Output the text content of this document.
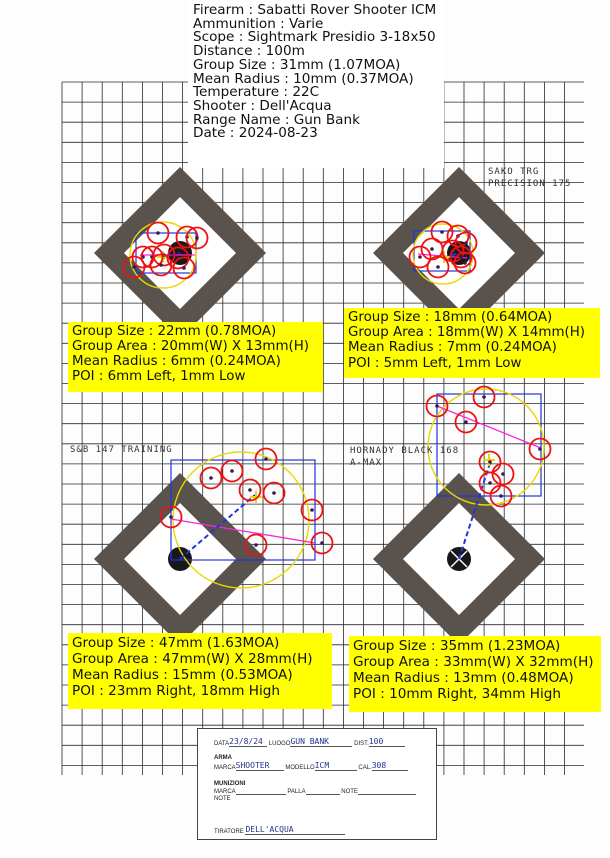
SAKO TRG PRECISION 175
S&B 147 TRAINING	HORNADY BLACK 168 A-MAX
Firearm : Sabatti Rover Shooter ICM
Ammunition : Varie
Scope : Sightmark Presidio 3-18x50
Distance : 100m
Group Size : 31mm (1.07MOA)
Mean Radius : 10mm (0.37MOA)
Temperature : 22C
Shooter : Dell'Acqua
Range Name : Gun Bank
Date : 2024-08-23
Group Size : 22mm (0.78MOA)
Group Area : 20mm(W) X 13mm(H)
Mean Radius : 6mm (0.24MOA)
POI : 6mm Left, 1mm Low
Group Size : 18mm (0.64MOA)
Group Area : 18mm(W) X 14mm(H)
Mean Radius : 7mm (0.24MOA)
POI : 5mm Left, 1mm Low
Group Size : 47mm (1.63MOA)
Group Area : 47mm(W) X 28mm(H)
Mean Radius : 15mm (0.53MOA)
POI : 23mm Right, 18mm High
Group Size : 35mm (1.23MOA)
Group Area : 33mm(W) X 32mm(H)
Mean Radius : 13mm (0.48MOA)
POI : 10mm Right, 34mm High
DATA23/8/24 LUOGOGUN BANK	DIST.100
ARMA
MARCASHOOTER	MODELLOICM	CAL.308
MUNIZIONI
MARCA	PALLA	NOTE
NOTE
TIRATORE DELL'ACQUA
